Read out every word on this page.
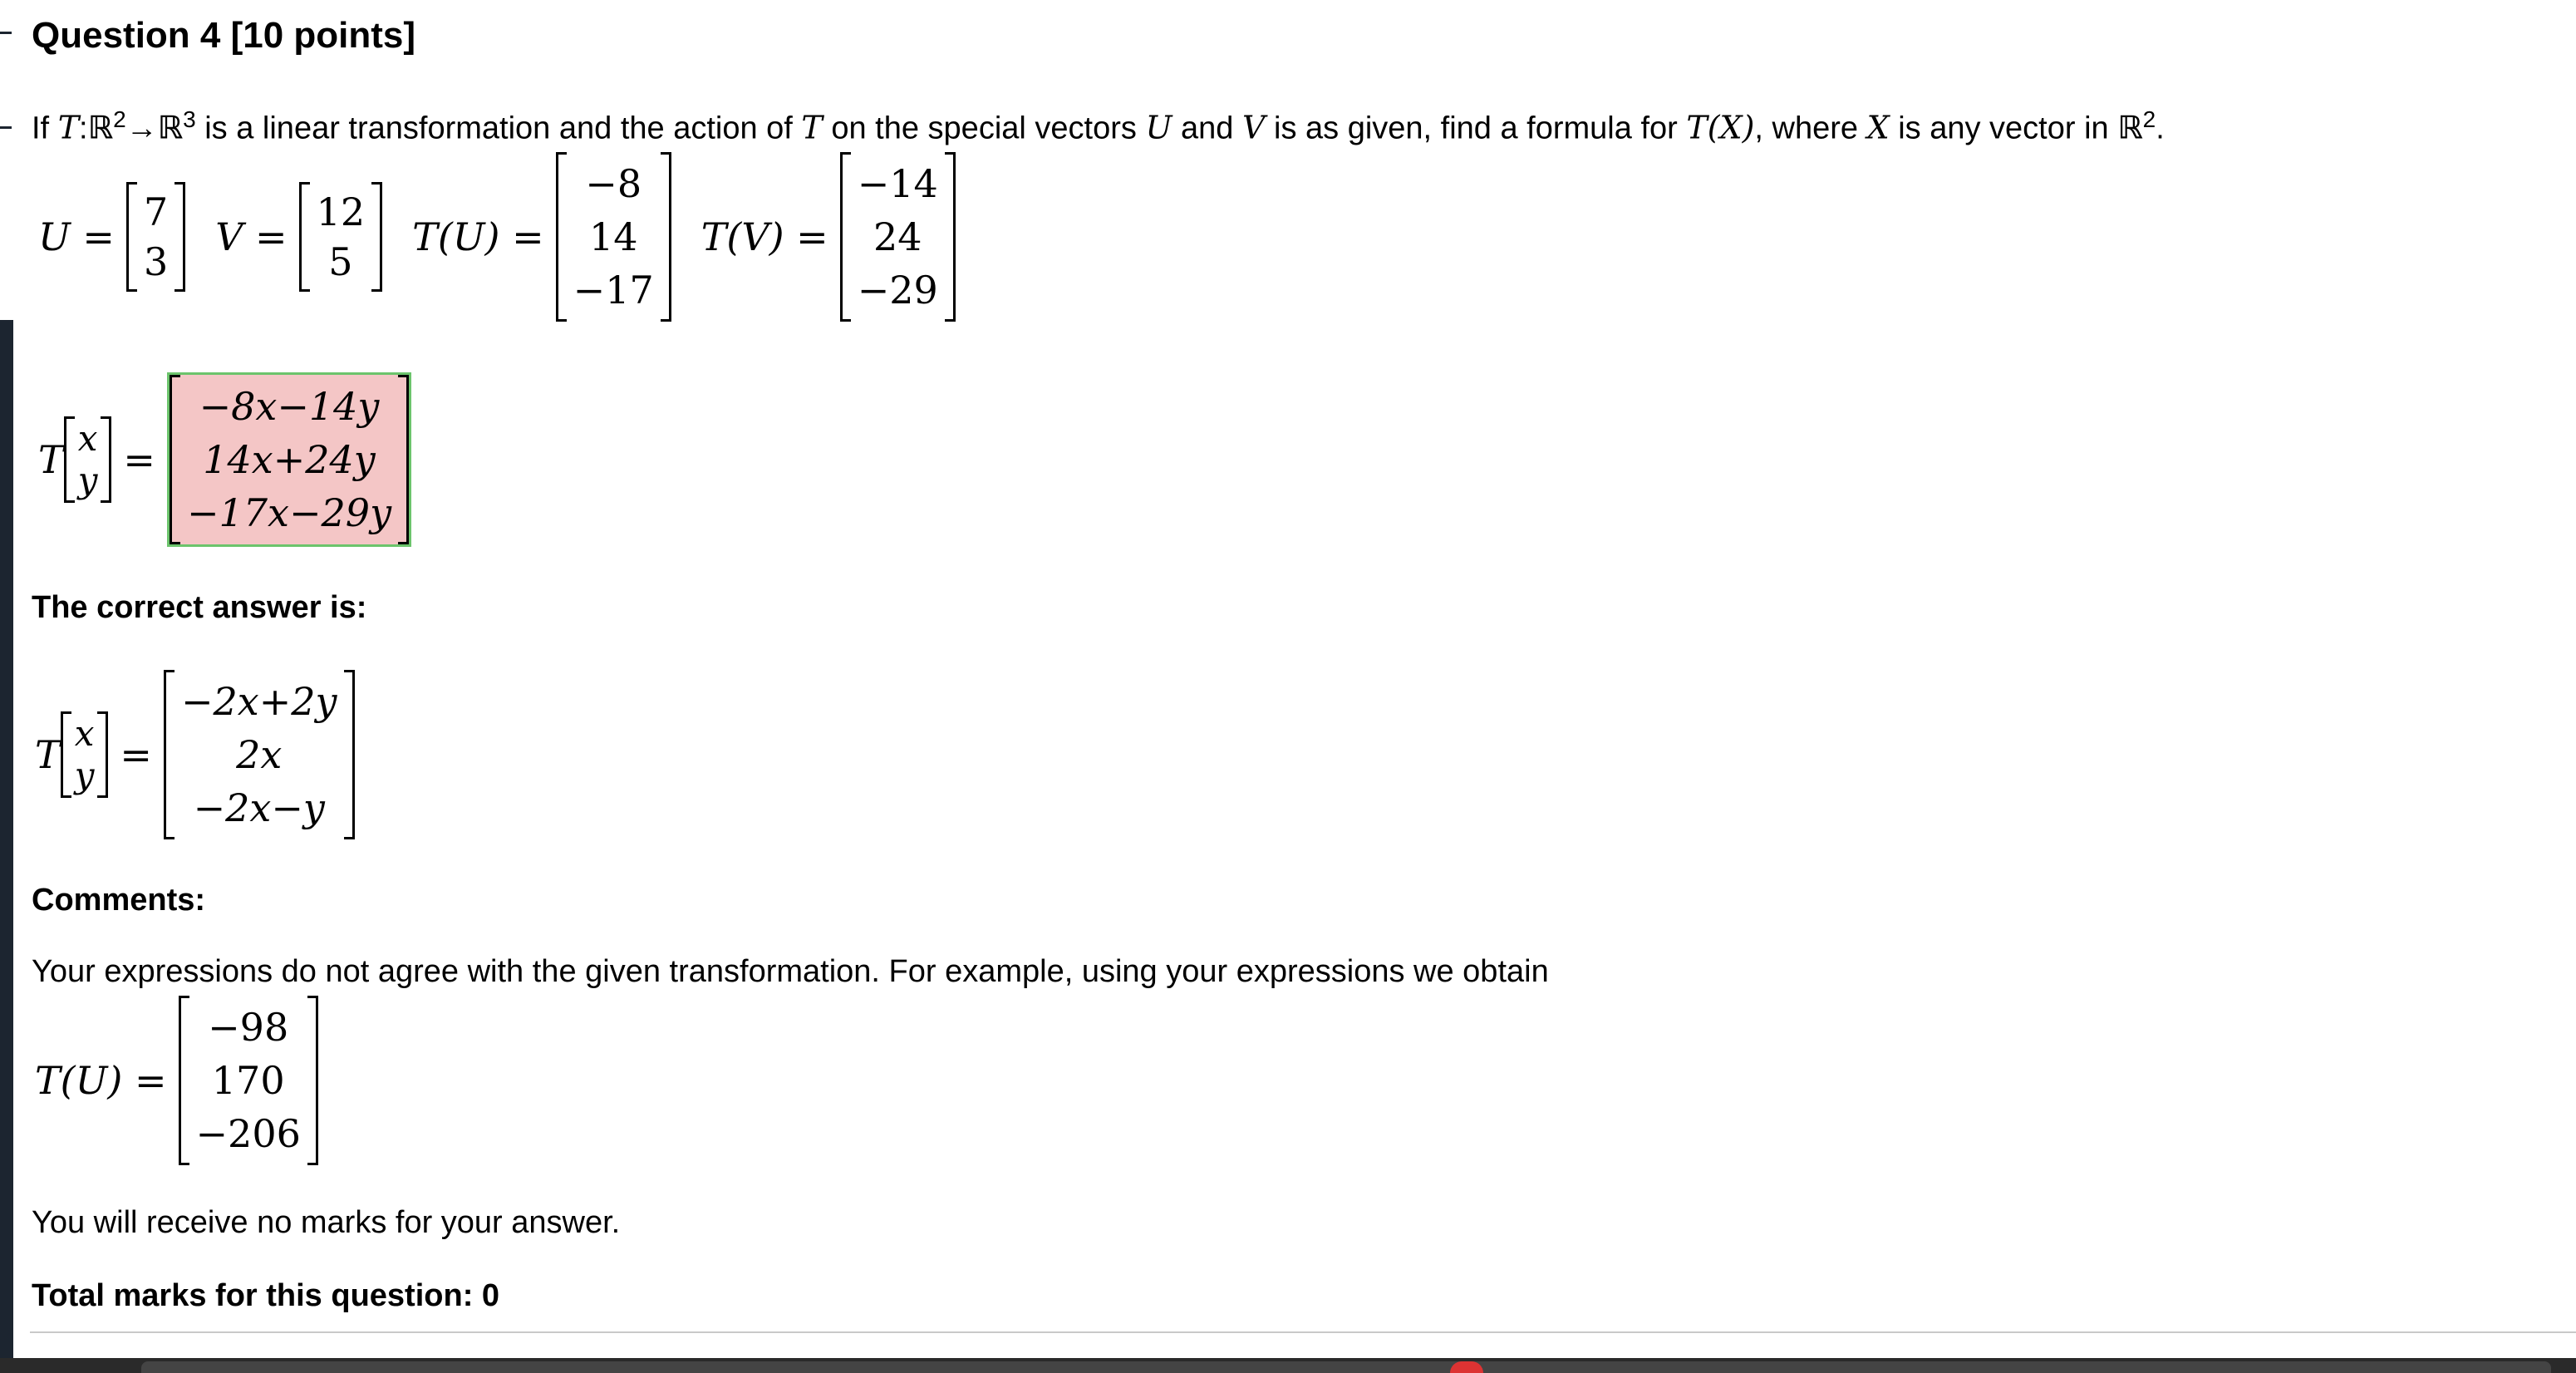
Question 4 [10 points]
If T:ℝ$^2$→ℝ$^3$ is a linear transformation and the action of T on the special vectors U and V is as given, find a formula for T(X), where X is any vector in ℝ$^2$.
U =
7
3
V =
12
5
T(U) =
−8
14
−17
T(V) =
−14
24
−29
T x
y =
−8x−14y
14x+24y
−17x−29y
The correct answer is:
T x
y =
−2x+2y
2x
−2x−y
Comments:
Your expressions do not agree with the given transformation. For example, using your expressions we obtain
T(U) =
−98
170
−206
You will receive no marks for your answer.
Total marks for this question: 0
